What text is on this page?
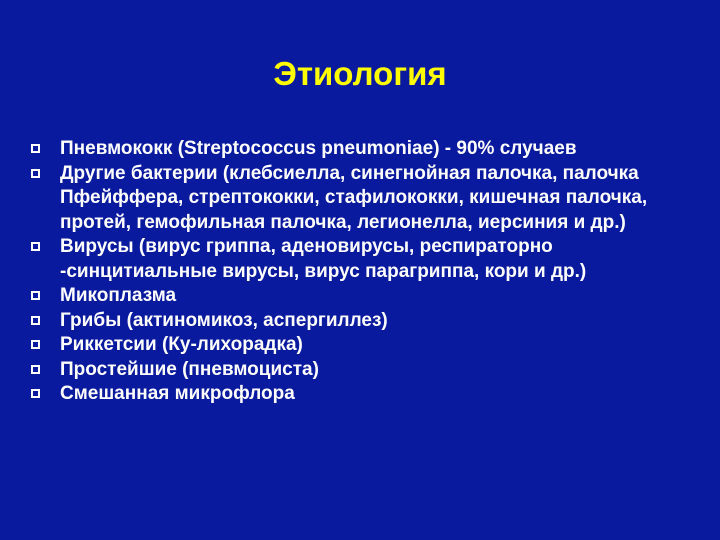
Этиология
Пневмококк (Streptococcus pneumoniae) - 90% случаев
Другие бактерии (клебсиелла, синегнойная палочка, палочка Пфейффера, стрептококки, стафилококки, кишечная палочка, протей, гемофильная палочка, легионелла, иерсиния и др.)
Вирусы (вирус гриппа, аденовирусы, респираторно -синцитиальные вирусы, вирус парагриппа, кори и др.)
Микоплазма
Грибы (актиномикоз, аспергиллез)
Риккетсии (Ку-лихорадка)
Простейшие (пневмоциста)
Смешанная микрофлора
